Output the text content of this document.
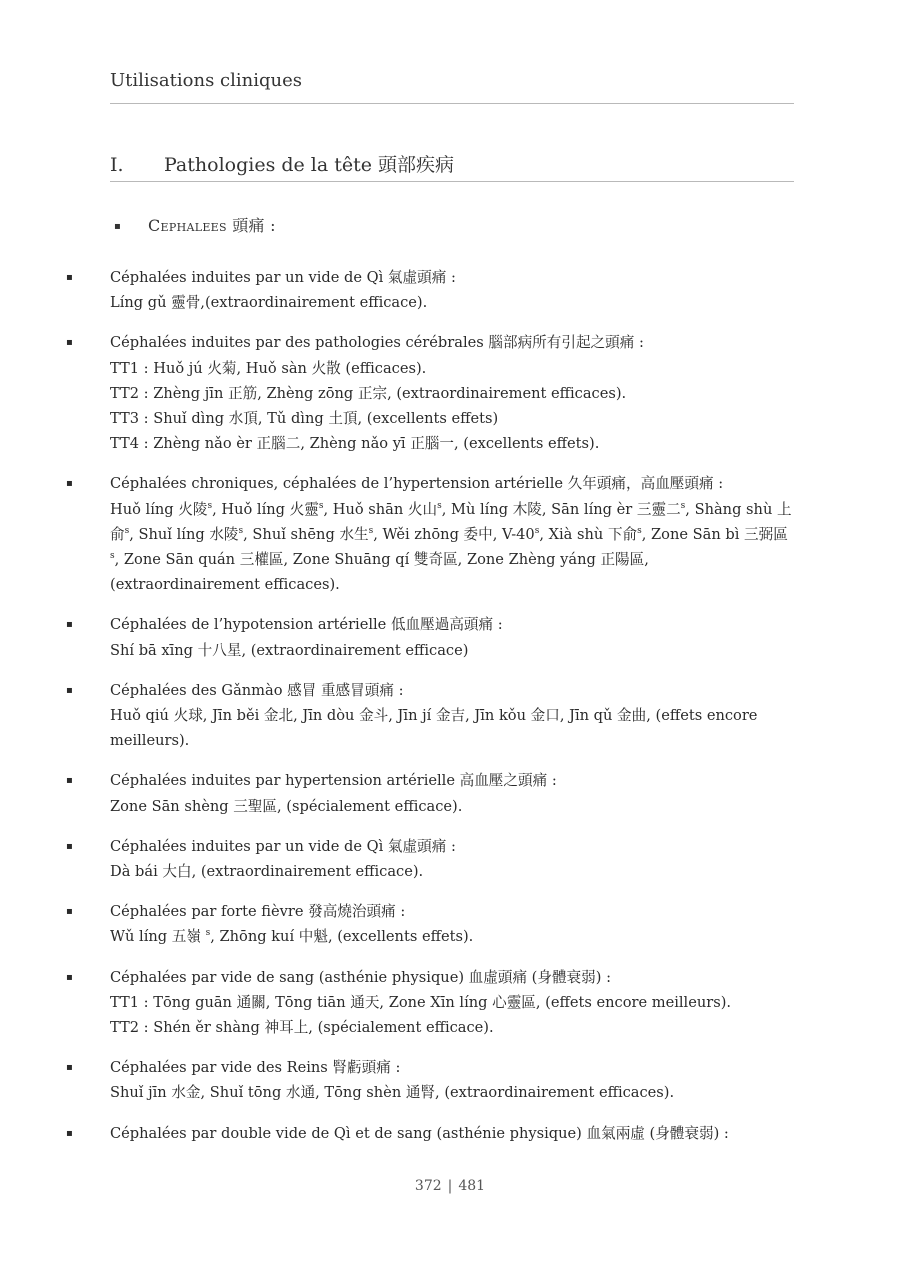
Utilisations cliniques
I. Pathologies de la tête 頭部疾病
▪ Cephalees 頭痛 :
▪	Céphalées induites par un vide de Qì 氣虛頭痛 :

Líng gǔ 靈骨,(extraordinairement efficace).

▪	Céphalées induites par des pathologies cérébrales 腦部病所有引起之頭痛 :

TT1 : Huǒ jú 火菊, Huǒ sàn 火散 (efficaces).

TT2 : Zhèng jīn 正筋, Zhèng zōng 正宗, (extraordinairement efficaces).

TT3 : Shuǐ dìng 水頂, Tǔ dìng 土頂, (excellents effets)

TT4 : Zhèng nǎo èr 正腦二, Zhèng nǎo yī 正腦一, (excellents effets).

▪	Céphalées chroniques, céphalées de l’hypertension artérielle 久年頭痛，高血壓頭痛 :

Huǒ líng 火陵$^s$, Huǒ líng 火靈$^s$, Huǒ shān 火山$^s$, Mù líng 木陵, Sān líng èr 三靈二$^s$, Shàng shù 上俞$^s$, Shuǐ líng 水陵$^s$, Shuǐ shēng 水生$^s$, Wěi zhōng 委中, V-40$^s$, Xià shù 下俞$^s$, Zone Sān bì 三弼區$^s$, Zone Sān quán 三權區, Zone Shuāng qí 雙奇區, Zone Zhèng yáng 正陽區, (extraordinairement efficaces).

▪	Céphalées de l’hypotension artérielle 低血壓過高頭痛 :

Shí bā xīng 十八星, (extraordinairement efficace)

▪	Céphalées des Gǎnmào 感冒 重感冒頭痛 :

Huǒ qiú 火球, Jīn běi 金北, Jīn dòu 金斗, Jīn jí 金吉, Jīn kǒu 金口, Jīn qǔ 金曲, (effets encore meilleurs).

▪	Céphalées induites par hypertension artérielle 高血壓之頭痛 :

Zone Sān shèng 三聖區, (spécialement efficace).

▪	Céphalées induites par un vide de Qì 氣虛頭痛 :

Dà bái 大白, (extraordinairement efficace).

▪	Céphalées par forte fièvre 發高燒治頭痛 :

Wǔ líng 五嶺 $^s$, Zhōng kuí 中魁, (excellents effets).

▪	Céphalées par vide de sang (asthénie physique) 血虛頭痛 (身體衰弱) :

TT1 : Tōng guān 通關, Tōng tiān 通天, Zone Xīn líng 心靈區, (effets encore meilleurs).

TT2 : Shén ěr shàng 神耳上, (spécialement efficace).

▪	Céphalées par vide des Reins 腎虧頭痛 :

Shuǐ jīn 水金, Shuǐ tōng 水通, Tōng shèn 通腎, (extraordinairement efficaces).

▪	Céphalées par double vide de Qì et de sang (asthénie physique) 血氣兩虛 (身體衰弱) :

372 | 481
